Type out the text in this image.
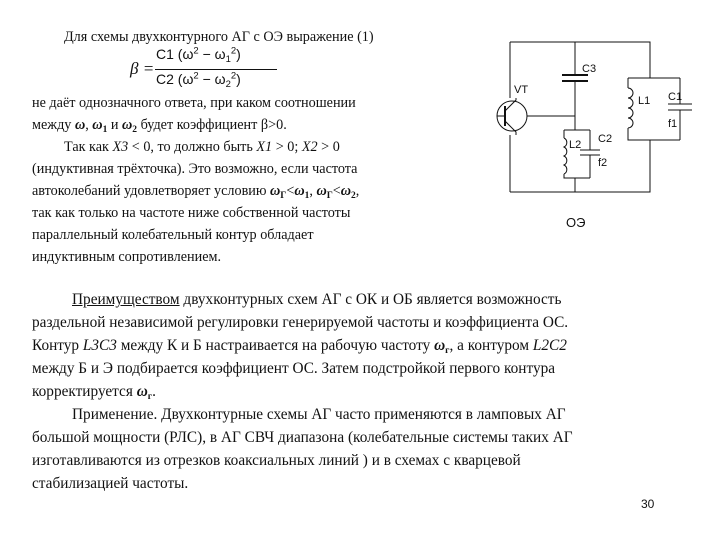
Для схемы двухконтурного АГ с ОЭ выражение (1)
β =
C1 $(\omega^2 - \omega_1^2)$
C2 $(\omega^2 - \omega_2^2)$
не даёт однозначного ответа, при каком соотношении
между ω, $\omega_1$ и $\omega_2$ будет коэффициент β>0.
Так как X3 < 0, то должно быть X1 > 0; X2 > 0
(индуктивная трёхточка). Это возможно, если частота
автоколебаний удовлетворяет условию $\omega_Г<\omega_1$, $\omega_Г<\omega_2$,
так как только на частоте ниже собственной частоты
параллельный колебательный контур обладает
индуктивным сопротивлением.
C3
VT
L1 C1
f1
L2 C2
f2
ОЭ
Преимуществом двухконтурных схем АГ с ОК и ОБ является возможность
раздельной независимой регулировки генерируемой частоты и коэффициента ОС.
Контур L3C3 между К и Б настраивается на рабочую частоту $\omega_г$, а контуром L2C2
между Б и Э подбирается коэффициент ОС. Затем подстройкой первого контура
корректируется $\omega_г$.
Применение. Двухконтурные схемы АГ часто применяются в ламповых АГ
большой мощности (РЛС), в АГ СВЧ диапазона (колебательные системы таких АГ
изготавливаются из отрезков коаксиальных линий ) и в схемах с кварцевой
стабилизацией частоты.
30
